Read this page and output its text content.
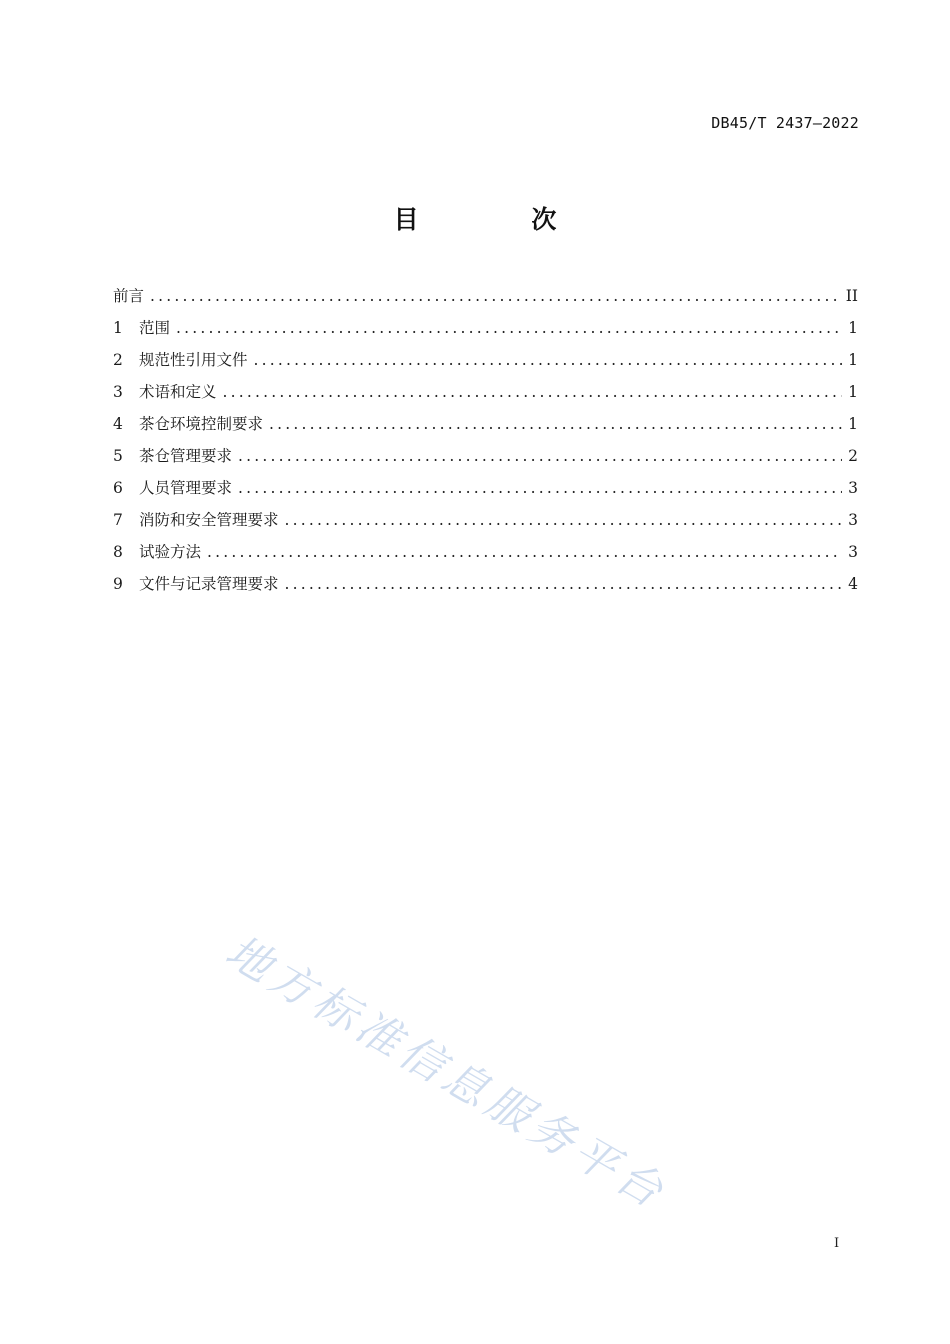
DB45/T 2437—2022
目 次
前言 .....	II
1	范围 .....	1
2	规范性引用文件 .....	1
3	术语和定义 .....	1
4	茶仓环境控制要求 .....	1
5	茶仓管理要求 .....	2
6	人员管理要求 .....	3
7	消防和安全管理要求 .....	3
8	试验方法 .....	3
9	文件与记录管理要求 .....	4
地方标准信息服务平台
I
